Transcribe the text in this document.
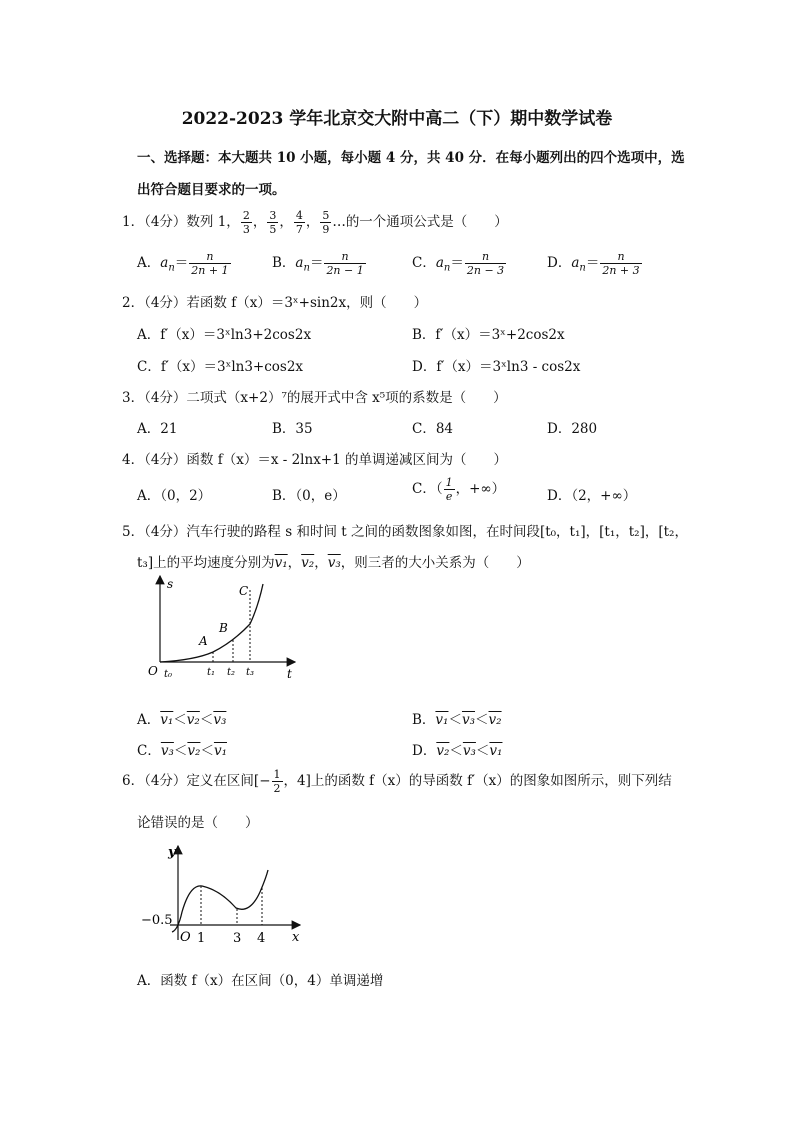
2022-2023 学年北京交大附中高二（下）期中数学试卷
一、选择题：本大题共 10 小题，每小题 4 分，共 40 分．在每小题列出的四个选项中，选
出符合题目要求的一项。
1．（4分）数列 1， $\frac{2}{3}$ ， $\frac{3}{5}$ ， $\frac{4}{7}$ ， $\frac{5}{9}$ …的一个通项公式是（　　）
A．$a_n= \frac{n}{2n + 1}$	B．$a_n= \frac{n}{2n - 1}$	C．$a_n= \frac{n}{2n - 3}$	D．$a_n= \frac{n}{2n + 3}$
2．（4分）若函数 f（x）＝3ˣ+sin2x，则（　　）
A．f′（x）＝3ˣln3+2cos2x	B．f′（x）＝3ˣ+2cos2x
C．f′（x）＝3ˣln3+cos2x	D．f′（x）＝3ˣln3 - cos2x
3．（4分）二项式（x+2）⁷的展开式中含 x⁵项的系数是（　　）
A．21	B．35	C．84	D．280
4．（4分）函数 f（x）＝x - 2lnx+1 的单调递减区间为（　　）
A．（0，2）	B．（0，e）	C．（ $\frac{1}{e}$ ，+∞）	D．（2，+∞）
5．（4分）汽车行驶的路程 s 和时间 t 之间的函数图象如图，在时间段[t₀，t₁]，[t₁，t₂]，[t₂，
t₃]上的平均速度分别为v₁，v₂，v₃，则三者的大小关系为（　　）
s
t
O
A
B
C
t₀	t₁ t₂ t₃
A．v₁＜v₂＜v₃	B．v₁＜v₃＜v₂
C．v₃＜v₂＜v₁	D．v₂＜v₃＜v₁
6．（4分）定义在区间[− $\frac{1}{2}$ ，4]上的函数 f（x）的导函数 f′（x）的图象如图所示，则下列结
论错误的是（　　）
y
x
O
−0.5
1 3 4
A．函数 f（x）在区间（0，4）单调递增
